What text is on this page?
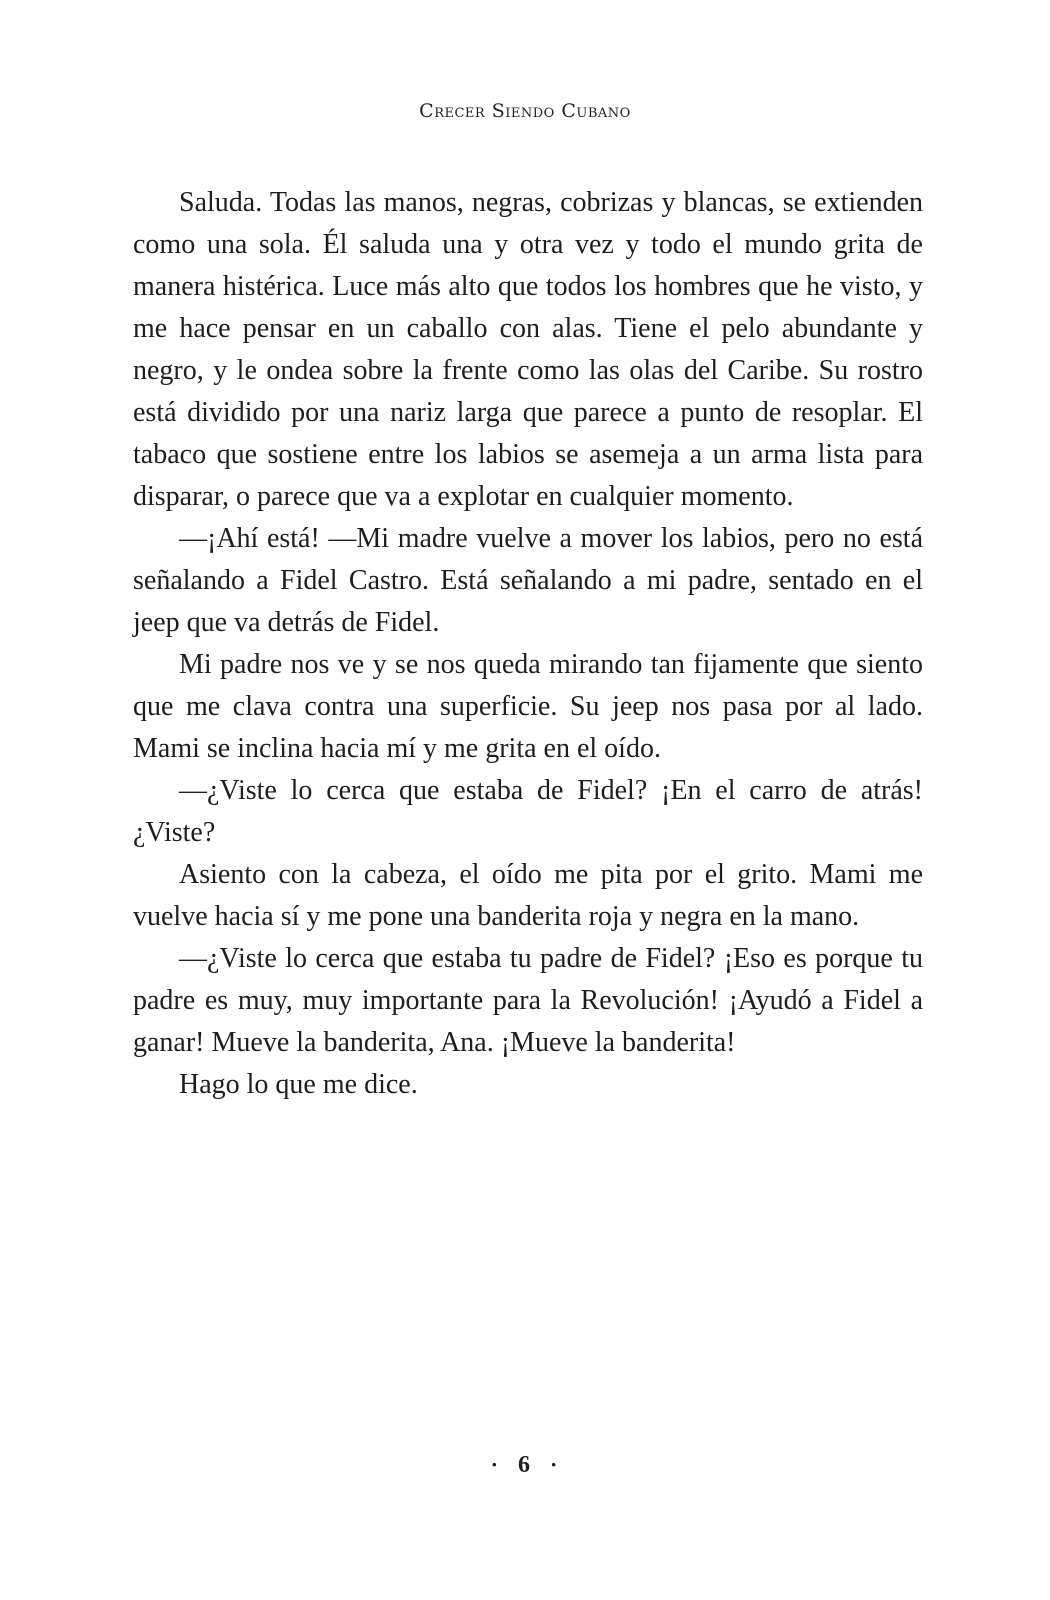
Crecer Siendo Cubano

Saluda. Todas las manos, negras, cobrizas y blancas, se extienden como una sola. Él saluda una y otra vez y todo el mundo grita de manera histérica. Luce más alto que todos los hombres que he visto, y me hace pensar en un caballo con alas. Tiene el pelo abundante y negro, y le ondea sobre la frente como las olas del Caribe. Su rostro está dividido por una nariz larga que parece a punto de resoplar. El tabaco que sostiene entre los labios se asemeja a un arma lista para disparar, o parece que va a explotar en cualquier momento.

—¡Ahí está! —Mi madre vuelve a mover los labios, pero no está señalando a Fidel Castro. Está señalando a mi padre, sentado en el jeep que va detrás de Fidel.

Mi padre nos ve y se nos queda mirando tan fijamente que siento que me clava contra una superficie. Su jeep nos pasa por al lado. Mami se inclina hacia mí y me grita en el oído.

—¿Viste lo cerca que estaba de Fidel? ¡En el carro de atrás! ¿Viste?

Asiento con la cabeza, el oído me pita por el grito. Mami me vuelve hacia sí y me pone una banderita roja y negra en la mano.

—¿Viste lo cerca que estaba tu padre de Fidel? ¡Eso es porque tu padre es muy, muy importante para la Revolución! ¡Ayudó a Fidel a ganar! Mueve la banderita, Ana. ¡Mueve la banderita!

Hago lo que me dice.

· 6 ·
